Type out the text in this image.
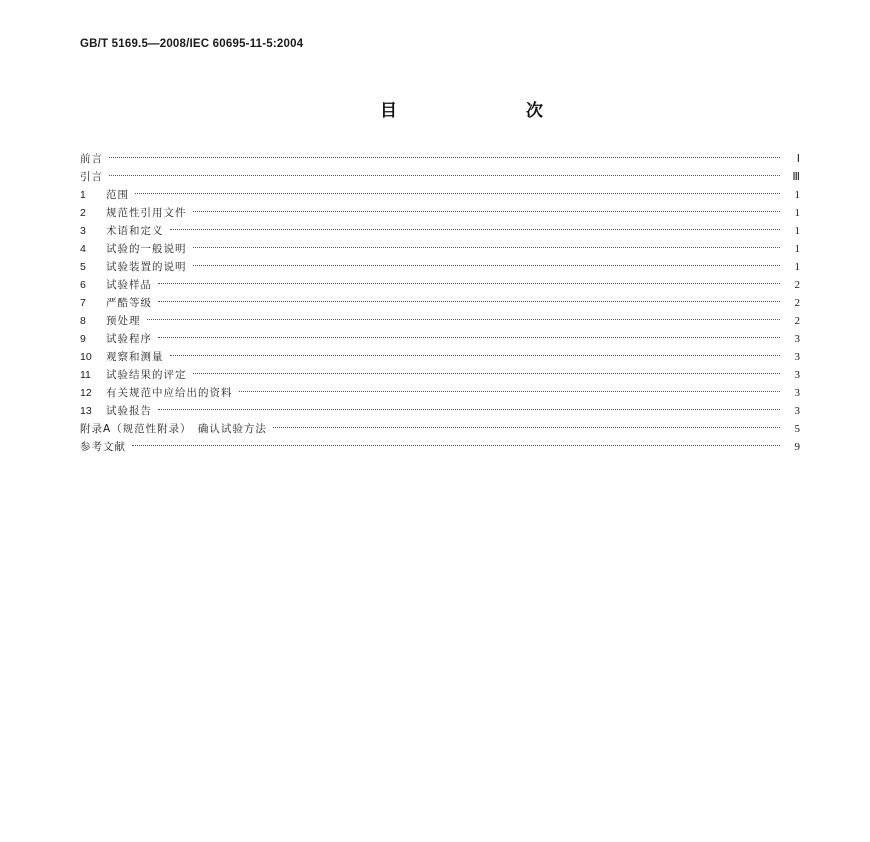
GB/T 5169.5—2008/IEC 60695-11-5:2004
目　次
前言	Ⅰ
引言	Ⅲ
1	范围	1
2	规范性引用文件	1
3	术语和定义	1
4	试验的一般说明	1
5	试验装置的说明	1
6	试验样品	2
7	严酷等级	2
8	预处理	2
9	试验程序	3
10	观察和测量	3
11	试验结果的评定	3
12	有关规范中应给出的资料	3
13	试验报告	3
附录A（规范性附录）　确认试验方法	5
参考文献	9
